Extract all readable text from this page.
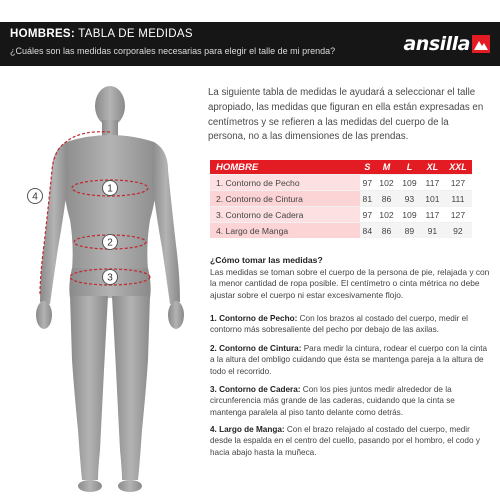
HOMBRES: TABLA DE MEDIDAS
¿Cuáles son las medidas corporales necesarias para elegir el talle de mi prenda?	ansilla
1
2
3
4
La siguiente tabla de medidas le ayudará a seleccionar el talle apropiado, las medidas que figuran en ella están expresadas en centímetros y se refieren a las medidas del cuerpo de la persona, no a las dimensiones de las prendas.
HOMBRE	S	M	L	XL	XXL
1. Contorno de Pecho	97	102	109	117	127
2. Contorno de Cintura	81	86	93	101	111
3. Contorno de Cadera	97	102	109	117	127
4. Largo de Manga	84	86	89	91	92
¿Cómo tomar las medidas?
Las medidas se toman sobre el cuerpo de la persona de pie, relajada y con la menor cantidad de ropa posible. El centímetro o cinta métrica no debe ajustar sobre el cuerpo ni estar excesivamente flojo.
1. Contorno de Pecho: Con los brazos al costado del cuerpo, medir el contorno más sobresaliente del pecho por debajo de las axilas.
2. Contorno de Cintura: Para medir la cintura, rodear el cuerpo con la cinta a la altura del ombligo cuidando que ésta se mantenga pareja a la altura de todo el recorrido.
3. Contorno de Cadera: Con los pies juntos medir alrededor de la circunferencia más grande de las caderas, cuidando que la cinta se mantenga paralela al piso tanto delante como detrás.
4. Largo de Manga: Con el brazo relajado al costado del cuerpo, medir desde la espalda en el centro del cuello, pasando por el hombro, el codo y hacia abajo hasta la muñeca.
